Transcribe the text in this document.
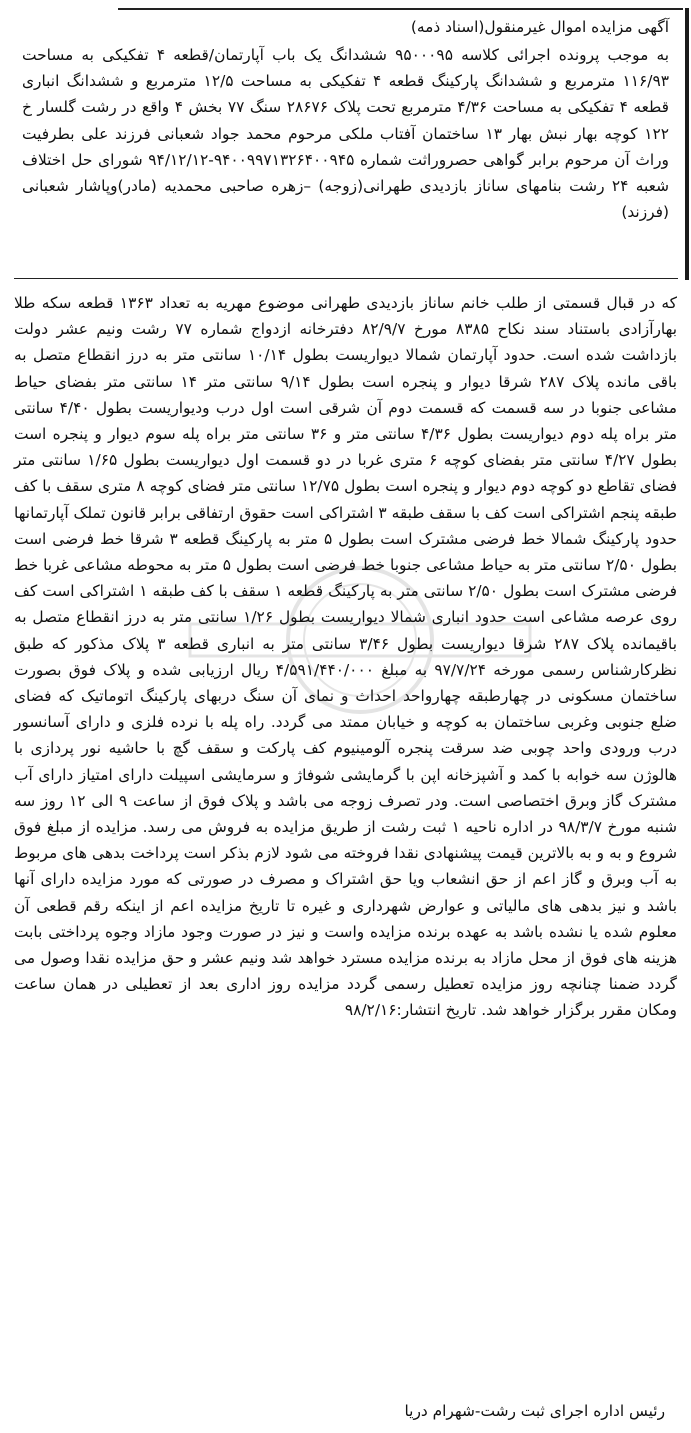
آگهی مزایده اموال غیرمنقول(اسناد ذمه)
به موجب پرونده اجرائی کلاسه ۹۵۰۰۰۹۵ ششدانگ یک باب آپارتمان/قطعه ۴ تفکیکی به مساحت ۱۱۶/۹۳ مترمربع و ششدانگ پارکینگ قطعه ۴ تفکیکی به مساحت ۱۲/۵ مترمربع و ششدانگ انباری قطعه ۴ تفکیکی به مساحت ۴/۳۶ مترمربع تحت پلاک ۲۸۶۷۶ سنگ ۷۷ بخش ۴ واقع در رشت گلسار خ ۱۲۲ کوچه بهار نبش بهار ۱۳ ساختمان آفتاب ملکی مرحوم محمد جواد شعبانی فرزند علی بطرفیت وراث آن مرحوم برابر گواهی حصروراثت شماره ۹۴۰۰۹۹۷۱۳۲۶۴۰۰۹۴۵-۹۴/۱۲/۱۲ شورای حل اختلاف شعبه ۲۴ رشت بنامهای ساناز بازدیدی طهرانی(زوجه) –زهره صاحبی محمدیه (مادر)وپاشار شعبانی (فرزند)
که در قبال قسمتی از طلب خانم ساناز بازدیدی طهرانی موضوع مهریه به تعداد ۱۳۶۳ قطعه سکه طلا بهارآزادی باستناد سند نکاح ۸۳۸۵ مورخ ۸۲/۹/۷ دفترخانه ازدواج شماره ۷۷ رشت ونیم عشر دولت بازداشت شده است. حدود آپارتمان شمالا دیواریست بطول ۱۰/۱۴ سانتی متر به درز انقطاع متصل به باقی مانده پلاک ۲۸۷ شرقا دیوار و پنجره است بطول ۹/۱۴ سانتی متر ۱۴ سانتی متر بفضای حیاط مشاعی جنوبا در سه قسمت که قسمت دوم آن شرقی است اول درب ودیواریست بطول ۴/۴۰ سانتی متر براه پله دوم دیواریست بطول ۴/۳۶ سانتی متر و ۳۶ سانتی متر براه پله سوم دیوار و پنجره است بطول ۴/۲۷ سانتی متر بفضای کوچه ۶ متری غربا در دو قسمت اول دیواریست بطول ۱/۶۵ سانتی متر فضای تقاطع دو کوچه دوم دیوار و پنجره است بطول ۱۲/۷۵ سانتی متر فضای کوچه ۸ متری سقف با کف طبقه پنجم اشتراکی است کف با سقف طبقه ۳ اشتراکی است حقوق ارتفاقی برابر قانون تملک آپارتمانها حدود پارکینگ شمالا خط فرضی مشترک است بطول ۵ متر به پارکینگ قطعه ۳ شرقا خط فرضی است بطول ۲/۵۰ سانتی متر به حیاط مشاعی جنوبا خط فرضی است بطول ۵ متر به محوطه مشاعی غربا خط فرضی مشترک است بطول ۲/۵۰ سانتی متر به پارکینگ قطعه ۱ سقف با کف طبقه ۱ اشتراکی است کف روی عرصه مشاعی است حدود انباری شمالا دیواریست بطول ۱/۲۶ سانتی متر به درز انقطاع متصل به باقیمانده پلاک ۲۸۷ شرقا دیواریست بطول ۳/۴۶ سانتی متر به انباری قطعه ۳ پلاک مذکور که طبق نظرکارشناس رسمی مورخه ۹۷/۷/۲۴ به مبلغ ۴/۵۹۱/۴۴۰/۰۰۰ ریال ارزیابی شده و پلاک فوق بصورت ساختمان مسکونی در چهارطبقه چهارواحد احداث و نمای آن سنگ دربهای پارکینگ اتوماتیک که فضای ضلع جنوبی وغربی ساختمان به کوچه و خیابان ممتد می گردد. راه پله با نرده فلزی و دارای آسانسور درب ورودی واحد چوبی ضد سرقت پنجره آلومینیوم کف پارکت و سقف گچ با حاشیه نور پردازی با هالوژن سه خوابه با کمد و آشپزخانه اپن با گرمایشی شوفاژ و سرمایشی اسپیلت دارای امتیاز دارای آب مشترک گاز وبرق اختصاصی است. ودر تصرف زوجه می باشد و پلاک فوق از ساعت ۹ الی ۱۲ روز سه شنبه مورخ ۹۸/۳/۷ در اداره ناحیه ۱ ثبت رشت از طریق مزایده به فروش می رسد. مزایده از مبلغ فوق شروع و به و به بالاترین قیمت پیشنهادی نقدا فروخته می شود لازم بذکر است پرداخت بدهی های مربوط به آب وبرق و گاز اعم از حق انشعاب ویا حق اشتراک و مصرف در صورتی که مورد مزایده دارای آنها باشد و نیز بدهی های مالیاتی و عوارض شهرداری و غیره تا تاریخ مزایده اعم از اینکه رقم قطعی آن معلوم شده یا نشده باشد به عهده برنده مزایده واست و نیز در صورت وجود مازاد وجوه پرداختی بابت هزینه های فوق از محل مازاد به برنده مزایده مسترد خواهد شد ونیم عشر و حق مزایده نقدا وصول می گردد ضمنا چنانچه روز مزایده تعطیل رسمی گردد مزایده روز اداری بعد از تعطیلی در همان ساعت ومکان مقرر برگزار خواهد شد. تاریخ انتشار:۹۸/۲/۱۶
رئیس اداره اجرای ثبت رشت-شهرام دریا
